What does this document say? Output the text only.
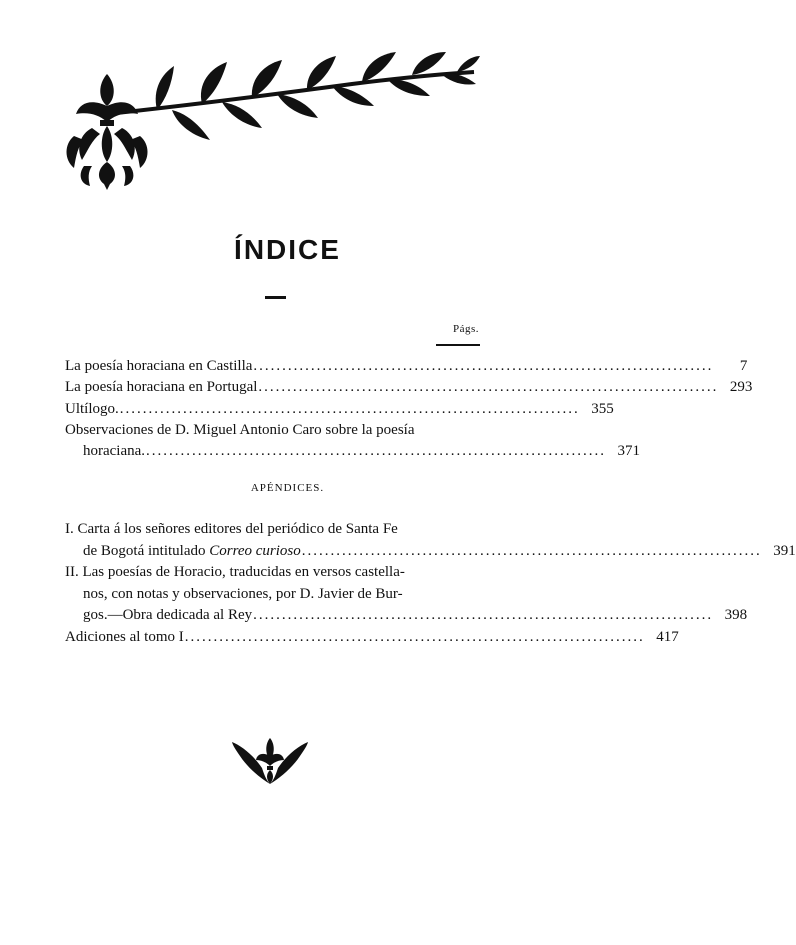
ÍNDICE
Págs.
La poesía horaciana en Castilla ................................................................................	7
La poesía horaciana en Portugal ................................................................................ 293
Ultílogo. ................................................................................ 355
Observaciones de D. Miguel Antonio Caro sobre la poesía
horaciana. ................................................................................ 371
APÉNDICES.
I. Carta á los señores editores del periódico de Santa Fe
de Bogotá intitulado Correo curioso ................................................................................ 391
II. Las poesías de Horacio, traducidas en versos castella-
nos, con notas y observaciones, por D. Javier de Bur-
gos.—Obra dedicada al Rey ................................................................................ 398
Adiciones al tomo I ................................................................................ 417
